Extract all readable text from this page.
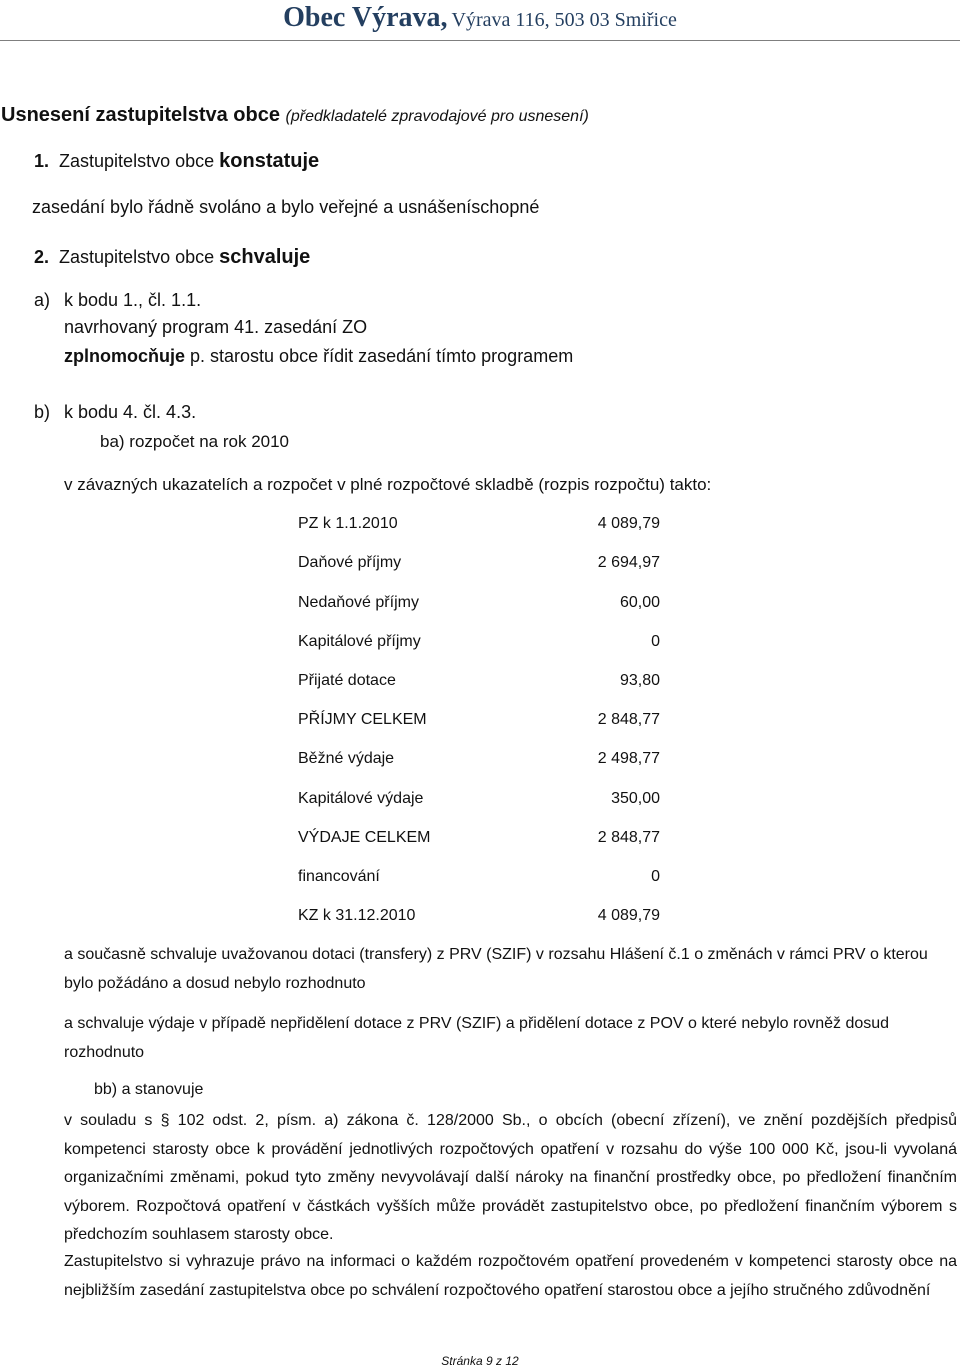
Obec Výrava, Výrava 116, 503 03 Smiřice
Usnesení zastupitelstva obce (předkladatelé zpravodajové pro usnesení)
1. Zastupitelstvo obce konstatuje
zasedání bylo řádně svoláno a bylo veřejné a usnášeníschopné
2. Zastupitelstvo obce schvaluje
a) k bodu 1., čl. 1.1.
navrhovaný program 41. zasedání ZO
zplnomocňuje p. starostu obce řídit zasedání tímto programem
b) k bodu 4. čl. 4.3.
ba) rozpočet na rok 2010
v závazných ukazatelích a rozpočet v plné rozpočtové skladbě (rozpis rozpočtu) takto:
PZ k 1.1.2010	4 089,79
Daňové příjmy	2 694,97
Nedaňové příjmy	60,00
Kapitálové příjmy	0
Přijaté dotace	93,80
PŘÍJMY CELKEM	2 848,77
Běžné výdaje	2 498,77
Kapitálové výdaje	350,00
VÝDAJE CELKEM	2 848,77
financování	0
KZ k 31.12.2010	4 089,79
a současně schvaluje uvažovanou dotaci (transfery) z PRV (SZIF) v rozsahu Hlášení č.1 o změnách v rámci PRV o kterou bylo požádáno a dosud nebylo rozhodnuto
a schvaluje výdaje v případě nepřidělení dotace z PRV (SZIF) a přidělení dotace z POV o které nebylo rovněž dosud rozhodnuto
bb) a stanovuje
v souladu s § 102 odst. 2, písm. a) zákona č. 128/2000 Sb., o obcích (obecní zřízení), ve znění pozdějších předpisů kompetenci starosty obce k provádění jednotlivých rozpočtových opatření v rozsahu do výše 100 000 Kč, jsou-li vyvolaná organizačními změnami, pokud tyto změny nevyvolávají další nároky na finanční prostředky obce, po předložení finančním výborem. Rozpočtová opatření v částkách vyšších může provádět zastupitelstvo obce, po předložení finančním výborem s předchozím souhlasem starosty obce.
Zastupitelstvo si vyhrazuje právo na informaci o každém rozpočtovém opatření provedeném v kompetenci starosty obce na nejbližším zasedání zastupitelstva obce po schválení rozpočtového opatření starostou obce a jejího stručného zdůvodnění
Stránka 9 z 12
